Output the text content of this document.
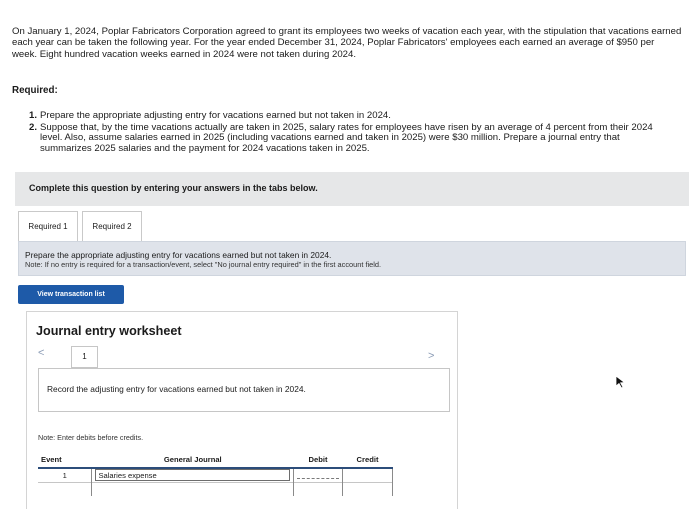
On January 1, 2024, Poplar Fabricators Corporation agreed to grant its employees two weeks of vacation each year, with the stipulation that vacations earned each year can be taken the following year. For the year ended December 31, 2024, Poplar Fabricators' employees each earned an average of $950 per week. Eight hundred vacation weeks earned in 2024 were not taken during 2024.
Required:
1. Prepare the appropriate adjusting entry for vacations earned but not taken in 2024.
2. Suppose that, by the time vacations actually are taken in 2025, salary rates for employees have risen by an average of 4 percent from their 2024 level. Also, assume salaries earned in 2025 (including vacations earned and taken in 2025) were $30 million. Prepare a journal entry that summarizes 2025 salaries and the payment for 2024 vacations taken in 2025.
Complete this question by entering your answers in the tabs below.
Required 1	Required 2
Prepare the appropriate adjusting entry for vacations earned but not taken in 2024.
Note: If no entry is required for a transaction/event, select "No journal entry required" in the first account field.
View transaction list
Journal entry worksheet
<	1	>
Record the adjusting entry for vacations earned but not taken in 2024.
Note: Enter debits before credits.
Event	General Journal	Debit	Credit
1	Salaries expense	
